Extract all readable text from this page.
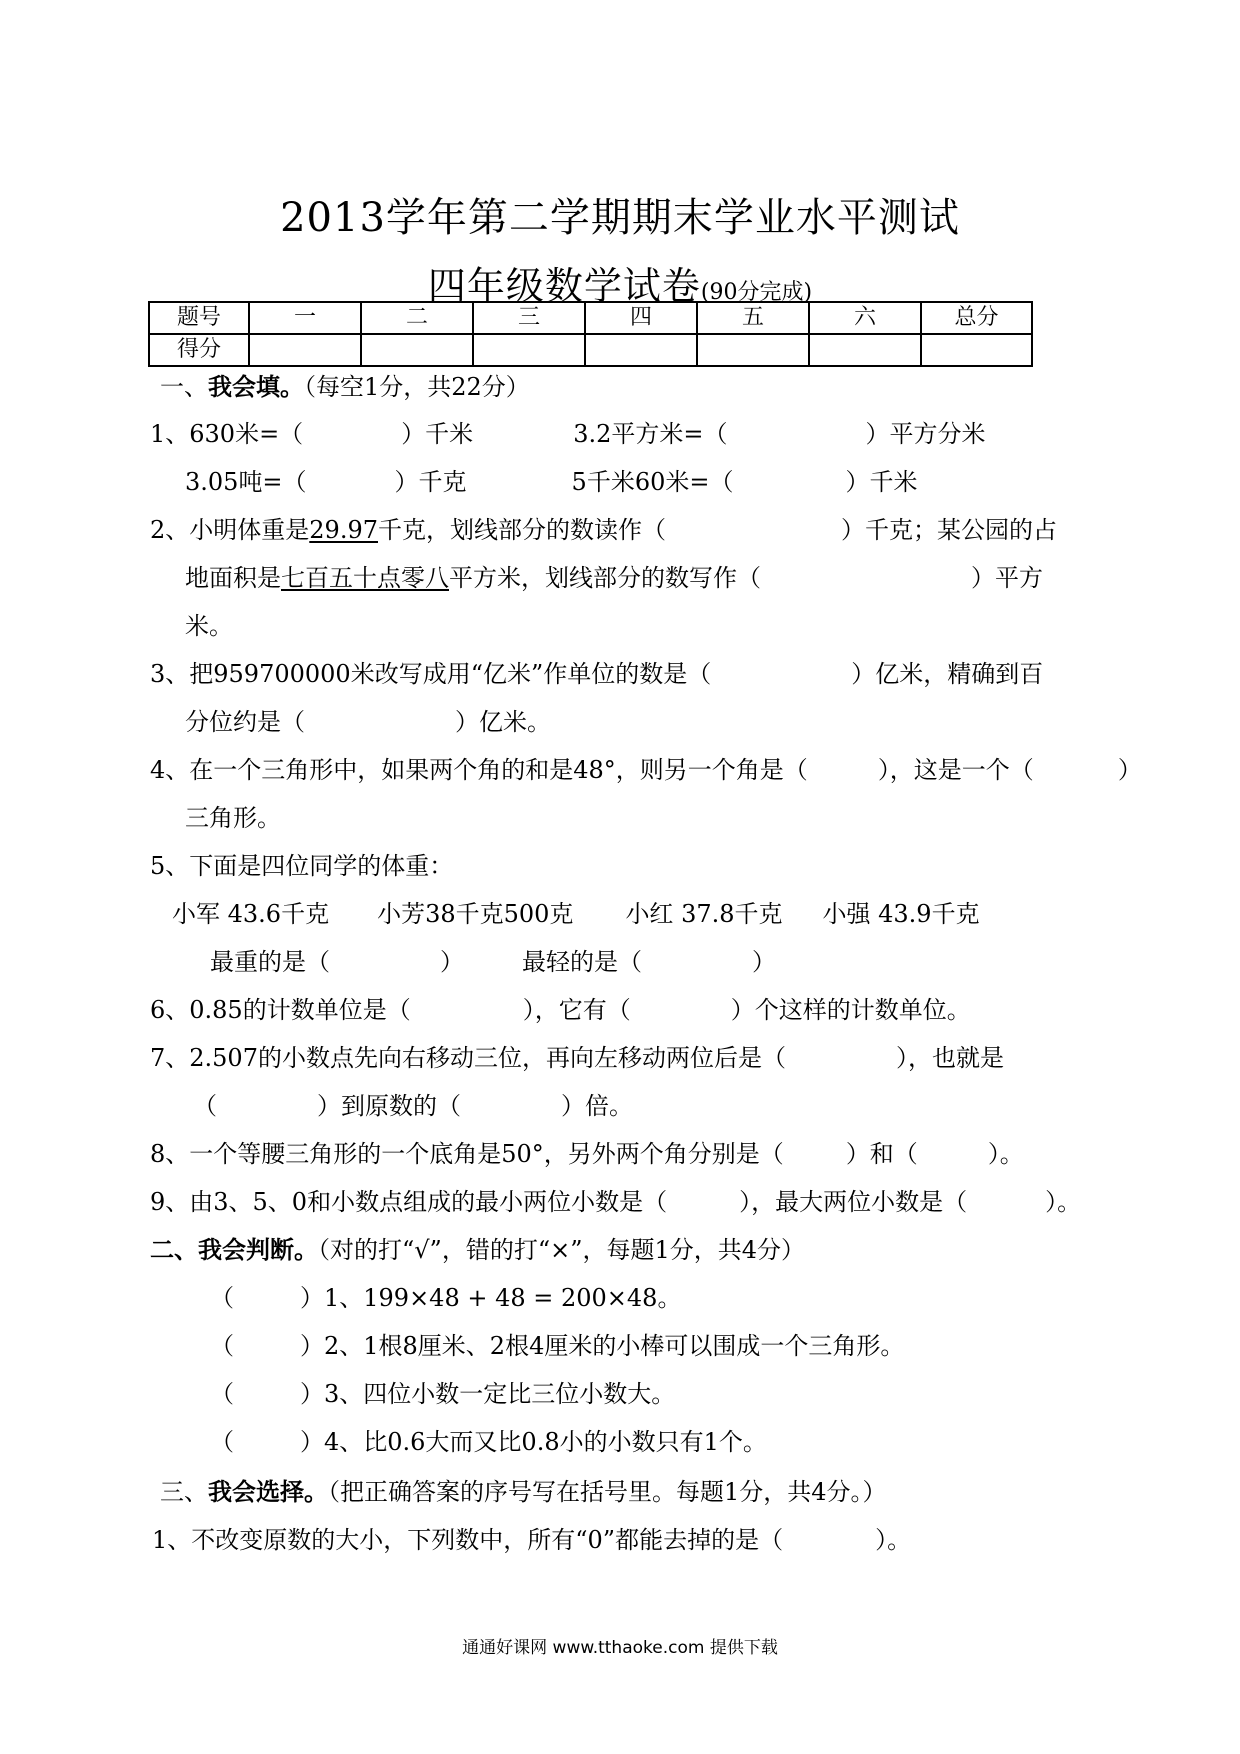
2013学年第二学期期末学业水平测试
四年级数学试卷(90分完成)
题号	一	二	三	四	五	六	总分
得分							
一、我会填。（每空1分，共22分）
1、630米=（	）千米	3.2平方米=（	）平方分米
3.05吨=（	）千克	5千米60米=（	）千米
2、小明体重是29.97千克，划线部分的数读作（	）千克；某公园的占
地面积是七百五十点零八平方米，划线部分的数写作（	）平方
米。
3、把959700000米改写成用“亿米”作单位的数是（	）亿米，精确到百
分位约是（	）亿米。
4、在一个三角形中，如果两个角的和是48°，则另一个角是（	），这是一个（	）
三角形。
5、下面是四位同学的体重：
小军 43.6千克 小芳38千克500克 小红 37.8千克 小强 43.9千克
最重的是（	） 最轻的是（	）
6、0.85的计数单位是（	），它有（	）个这样的计数单位。
7、2.507的小数点先向右移动三位，再向左移动两位后是（	），也就是
（	）到原数的（	）倍。
8、一个等腰三角形的一个底角是50°，另外两个角分别是（	）和（	）。
9、由3、5、0和小数点组成的最小两位小数是（	），最大两位小数是（	）。
二、我会判断。（对的打“√”，错的打“×”，每题1分，共4分）
（	）1、199×48 + 48 = 200×48。
（	）2、1根8厘米、2根4厘米的小棒可以围成一个三角形。
（	）3、四位小数一定比三位小数大。
（	）4、比0.6大而又比0.8小的小数只有1个。
三、我会选择。（把正确答案的序号写在括号里。每题1分，共4分。）
1、不改变原数的大小，下列数中，所有“0”都能去掉的是（	）。
通通好课网 www.tthaoke.com 提供下载
